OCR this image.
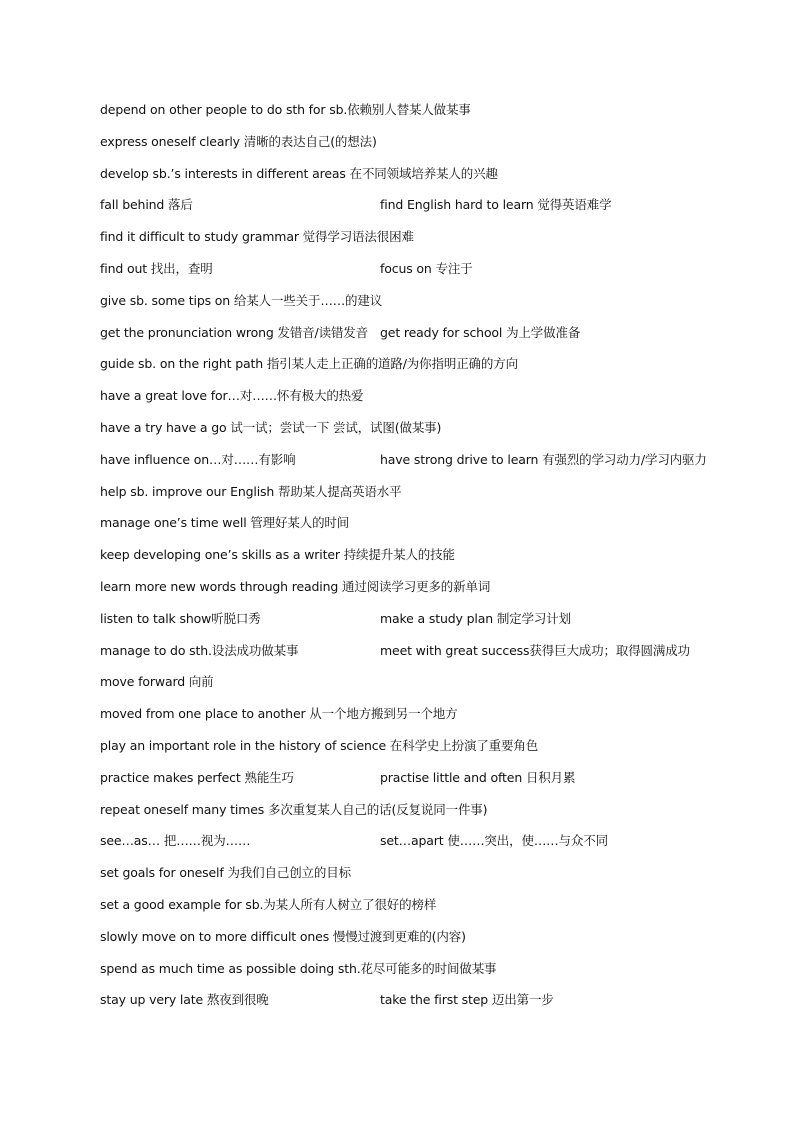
depend on other people to do sth for sb.依赖别人替某人做某事
express oneself clearly 清晰的表达自己(的想法)
develop sb.’s interests in different areas 在不同领域培养某人的兴趣
fall behind 落后	find English hard to learn 觉得英语难学
find it difficult to study grammar 觉得学习语法很困难
find out 找出，查明	focus on 专注于
give sb. some tips on 给某人一些关于……的建议
get the pronunciation wrong 发错音/读错发音 get ready for school 为上学做准备
guide sb. on the right path 指引某人走上正确的道路/为你指明正确的方向
have a great love for…对……怀有极大的热爱
have a try have a go 试一试；尝试一下 尝试，试图(做某事)
have influence on…对……有影响	have strong drive to learn 有强烈的学习动力/学习内驱力
help sb. improve our English 帮助某人提高英语水平
manage one’s time well 管理好某人的时间
keep developing one’s skills as a writer 持续提升某人的技能
learn more new words through reading 通过阅读学习更多的新单词
listen to talk show听脱口秀	make a study plan 制定学习计划
manage to do sth.设法成功做某事	meet with great success获得巨大成功；取得圆满成功
move forward 向前
moved from one place to another 从一个地方搬到另一个地方
play an important role in the history of science 在科学史上扮演了重要角色
practice makes perfect 熟能生巧	practise little and often 日积月累
repeat oneself many times 多次重复某人自己的话(反复说同一件事)
see…as… 把……视为……	set…apart 使……突出，使……与众不同
set goals for oneself 为我们自己创立的目标
set a good example for sb.为某人所有人树立了很好的榜样
slowly move on to more difficult ones 慢慢过渡到更难的(内容)
spend as much time as possible doing sth.花尽可能多的时间做某事
stay up very late 熬夜到很晚	take the first step 迈出第一步
